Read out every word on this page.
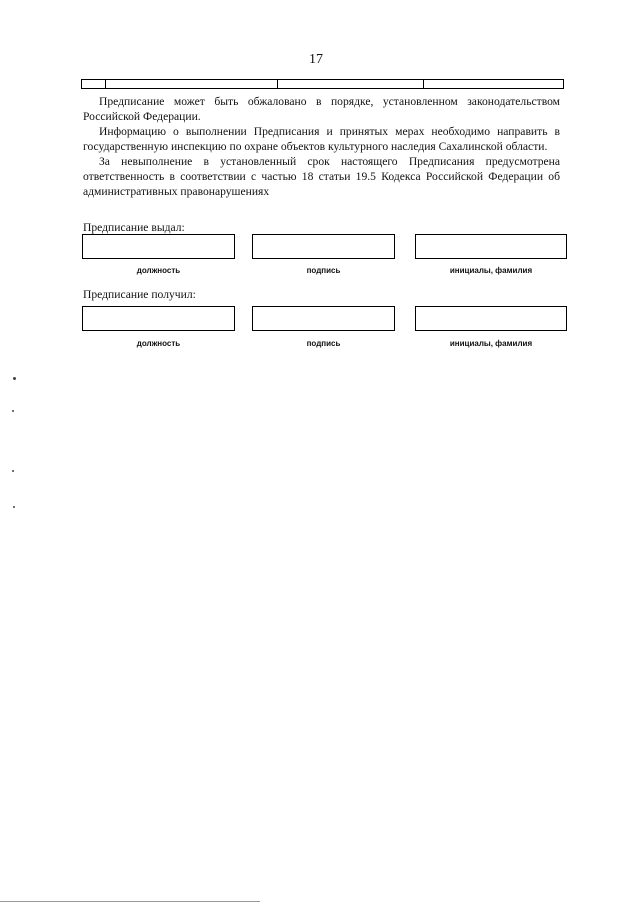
17

Предписание может быть обжаловано в порядке, установленном законодательством Российской Федерации.

Информацию о выполнении Предписания и принятых мерах необходимо направить в государственную инспекцию по охране объектов культурного наследия Сахалинской области.

За невыполнение в установленный срок настоящего Предписания предусмотрена ответственность в соответствии с частью 18 статьи 19.5 Кодекса Российской Федерации об административных правонарушениях

Предписание выдал:
должность	подпись	инициалы, фамилия
Предписание получил:
должность	подпись	инициалы, фамилия
